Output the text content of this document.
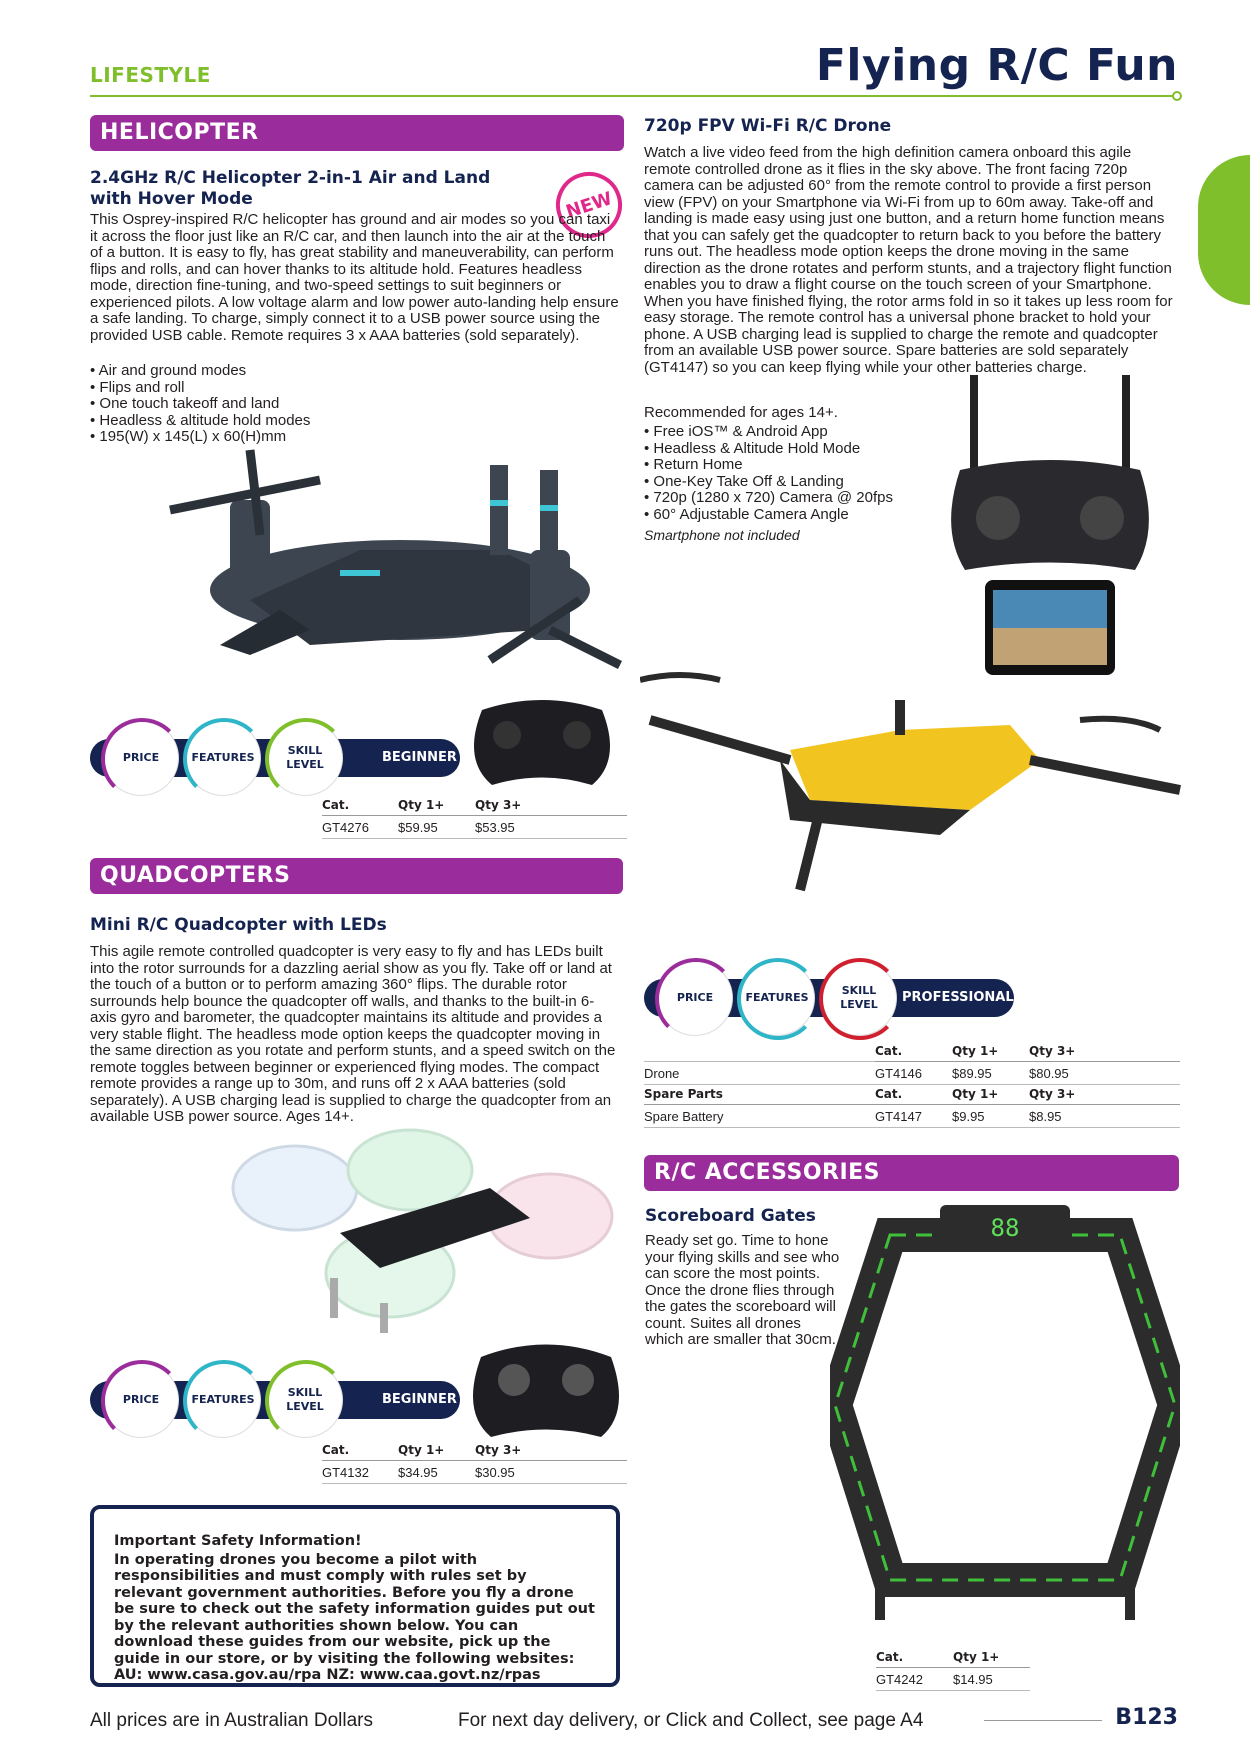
LIFESTYLE	Flying R/C Fun
HELICOPTER
2.4GHz R/C Helicopter 2-in-1 Air and Land
with Hover Mode	NEW
This Osprey-inspired R/C helicopter has ground and air modes so you can taxi it across the floor just like an R/C car, and then launch into the air at the touch of a button. It is easy to fly, has great stability and maneuverability, can perform flips and rolls, and can hover thanks to its altitude hold. Features headless mode, direction fine-tuning, and two-speed settings to suit beginners or experienced pilots. A low voltage alarm and low power auto-landing help ensure a safe landing. To charge, simply connect it to a USB power source using the provided USB cable. Remote requires 3 x AAA batteries (sold separately).
• Air and ground modes
• Flips and roll
• One touch takeoff and land
• Headless & altitude hold modes
• 195(W) x 145(L) x 60(H)mm
PRICE	FEATURES
SKILL LEVEL	BEGINNER
Cat.	Qty 1+	Qty 3+
GT4276	$59.95	$53.95
QUADCOPTERS
Mini R/C Quadcopter with LEDs
This agile remote controlled quadcopter is very easy to fly and has LEDs built into the rotor surrounds for a dazzling aerial show as you fly. Take off or land at the touch of a button or to perform amazing 360° flips. The durable rotor surrounds help bounce the quadcopter off walls, and thanks to the built-in 6-axis gyro and barometer, the quadcopter maintains its altitude and provides a very stable flight. The headless mode option keeps the quadcopter moving in the same direction as you rotate and perform stunts, and a speed switch on the remote toggles between beginner or experienced flying modes. The compact remote provides a range up to 30m, and runs off 2 x AAA batteries (sold separately). A USB charging lead is supplied to charge the quadcopter from an available USB power source. Ages 14+.
PRICE	FEATURES
SKILL LEVEL	BEGINNER
Cat.	Qty 1+	Qty 3+
GT4132	$34.95	$30.95
Important Safety Information!
In operating drones you become a pilot with responsibilities and must comply with rules set by relevant government authorities. Before you fly a drone be sure to check out the safety information guides put out by the relevant authorities shown below. You can download these guides from our website, pick up the guide in our store, or by visiting the following websites:
AU: www.casa.gov.au/rpa NZ: www.caa.govt.nz/rpas
720p FPV Wi-Fi R/C Drone
Watch a live video feed from the high definition camera onboard this agile remote controlled drone as it flies in the sky above. The front facing 720p camera can be adjusted 60° from the remote control to provide a first person view (FPV) on your Smartphone via Wi-Fi from up to 60m away. Take-off and landing is made easy using just one button, and a return home function means that you can safely get the quadcopter to return back to you before the battery runs out. The headless mode option keeps the drone moving in the same direction as the drone rotates and perform stunts, and a trajectory flight function enables you to draw a flight course on the touch screen of your Smartphone. When you have finished flying, the rotor arms fold in so it takes up less room for easy storage. The remote control has a universal phone bracket to hold your phone. A USB charging lead is supplied to charge the remote and quadcopter from an available USB power source. Spare batteries are sold separately (GT4147) so you can keep flying while your other batteries charge.
Recommended for ages 14+.
• Free iOS™ & Android App
• Headless & Altitude Hold Mode
• Return Home
• One-Key Take Off & Landing
• 720p (1280 x 720) Camera @ 20fps
• 60° Adjustable Camera Angle
Smartphone not included
PRICE	FEATURES
SKILL LEVEL PROFESSIONAL
	Cat.	Qty 1+	Qty 3+
Drone	GT4146	$89.95	$80.95
Spare Parts	Cat.	Qty 1+	Qty 3+
Spare Battery	GT4147	$9.95	$8.95
R/C ACCESSORIES
Scoreboard Gates
Ready set go. Time to hone your flying skills and see who can score the most points. Once the drone flies through the gates the scoreboard will count. Suites all drones which are smaller that 30cm.
88
Cat.	Qty 1+
GT4242	$14.95
All prices are in Australian Dollars	For next day delivery, or Click and Collect, see page A4	B123
